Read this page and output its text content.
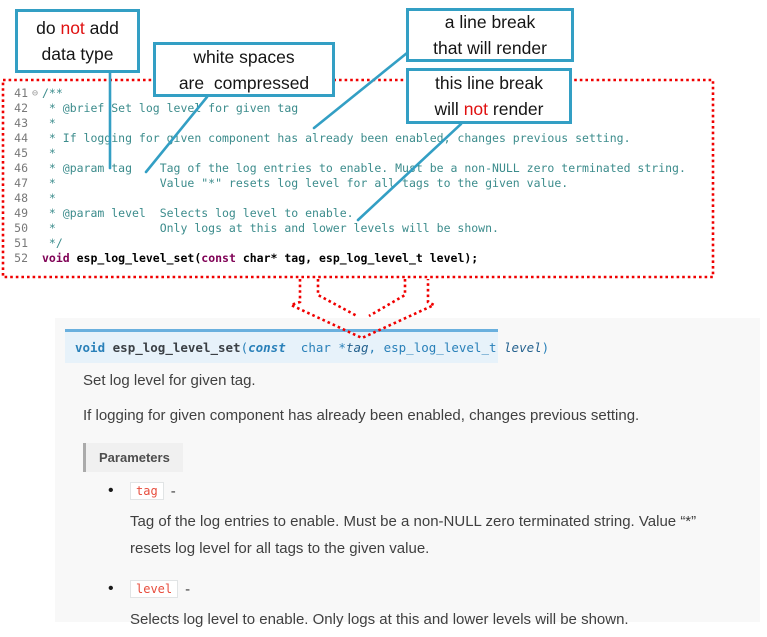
41 ⊖ /**
42 * @brief Set log level for given tag
43 *
44 * If logging for given component has already been enabled, changes previous setting.
45 *
46 * @param tag    Tag of the log entries to enable. Must be a non-NULL zero terminated string.
47 *               Value "*" resets log level for all tags to the given value.
48 *
49 * @param level  Selects log level to enable.
50 *               Only logs at this and lower levels will be shown.
51 */
52 void esp_log_level_set(const char* tag, esp_log_level_t level);
void esp_log_level_set(const  char *tag, esp_log_level_t level)

Set log level for given tag.

If logging for given component has already been enabled, changes previous setting.

Parameters
•	tag -
Tag of the log entries to enable. Must be a non-NULL zero terminated string. Value “*” resets log level for all tags to the given value.
•	level -
Selects log level to enable. Only logs at this and lower levels will be shown.
do not add
data type	white spaces
are  compressed
a line break
that will render
this line break
will not render
